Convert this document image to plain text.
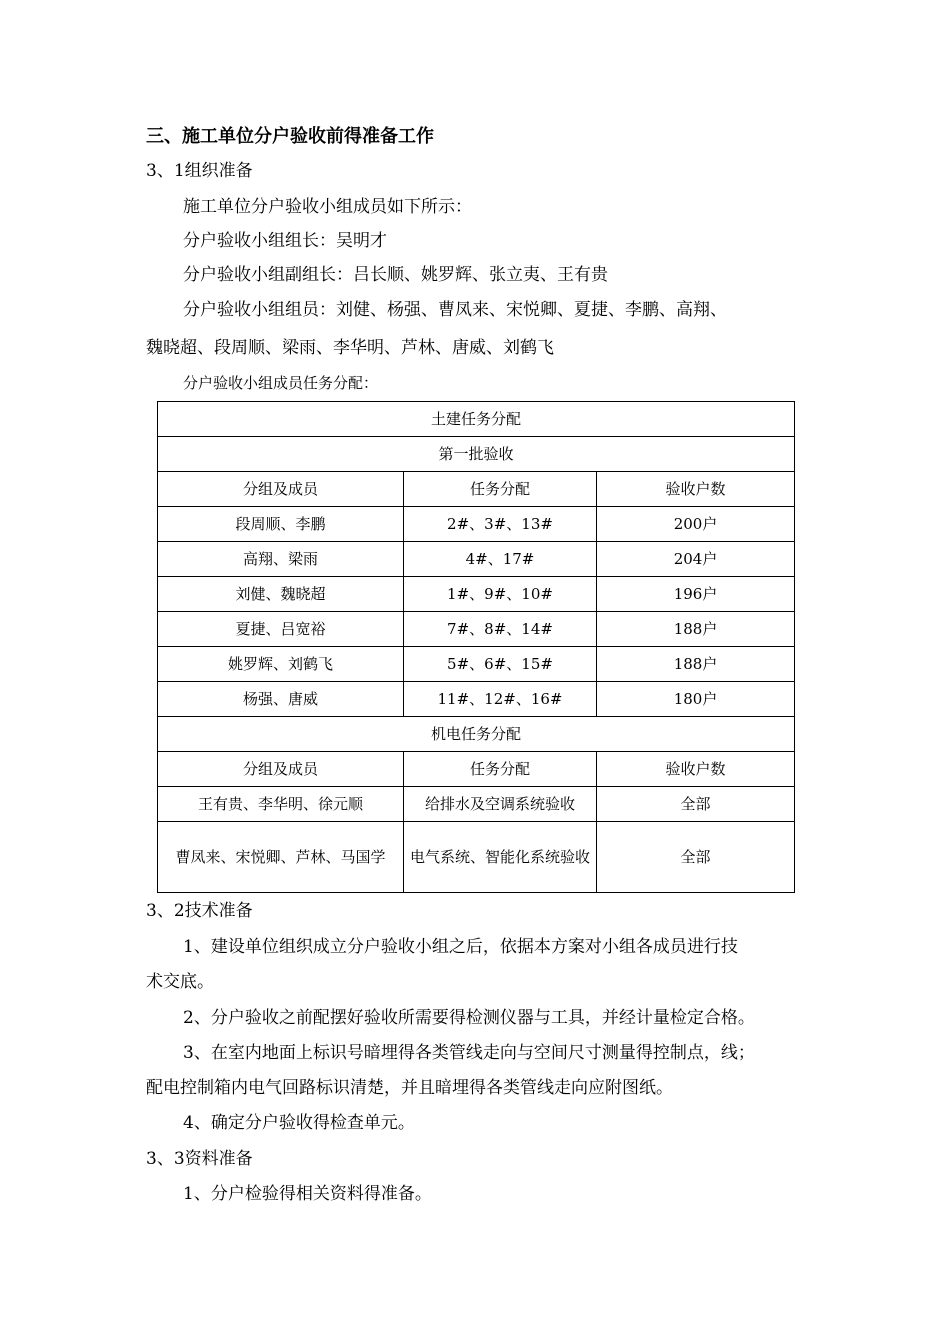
三、施工单位分户验收前得准备工作
3、1组织准备
施工单位分户验收小组成员如下所示：
分户验收小组组长：吴明才
分户验收小组副组长：吕长顺、姚罗辉、张立夷、王有贵
分户验收小组组员：刘健、杨强、曹凤来、宋悦卿、夏捷、李鹏、高翔、
魏晓超、段周顺、梁雨、李华明、芦林、唐威、刘鹤飞
分户验收小组成员任务分配：
土建任务分配		
第一批验收		
分组及成员	任务分配	验收户数
段周顺、李鹏	2#、3#、13#	200户
高翔、梁雨	4#、17#	204户
刘健、魏晓超	1#、9#、10#	196户
夏捷、吕宽裕	7#、8#、14#	188户
姚罗辉、刘鹤飞	5#、6#、15#	188户
杨强、唐威	11#、12#、16#	180户
机电任务分配		
分组及成员	任务分配	验收户数
王有贵、李华明、徐元顺	给排水及空调系统验收	全部
曹凤来、宋悦卿、芦林、马国学	电气系统、智能化系统验收	全部
3、2技术准备
1、建设单位组织成立分户验收小组之后，依据本方案对小组各成员进行技
术交底。
2、分户验收之前配摆好验收所需要得检测仪器与工具，并经计量检定合格。
3、在室内地面上标识号暗埋得各类管线走向与空间尺寸测量得控制点，线；
配电控制箱内电气回路标识清楚，并且暗埋得各类管线走向应附图纸。
4、确定分户验收得检查单元。
3、3资料准备
1、分户检验得相关资料得准备。
